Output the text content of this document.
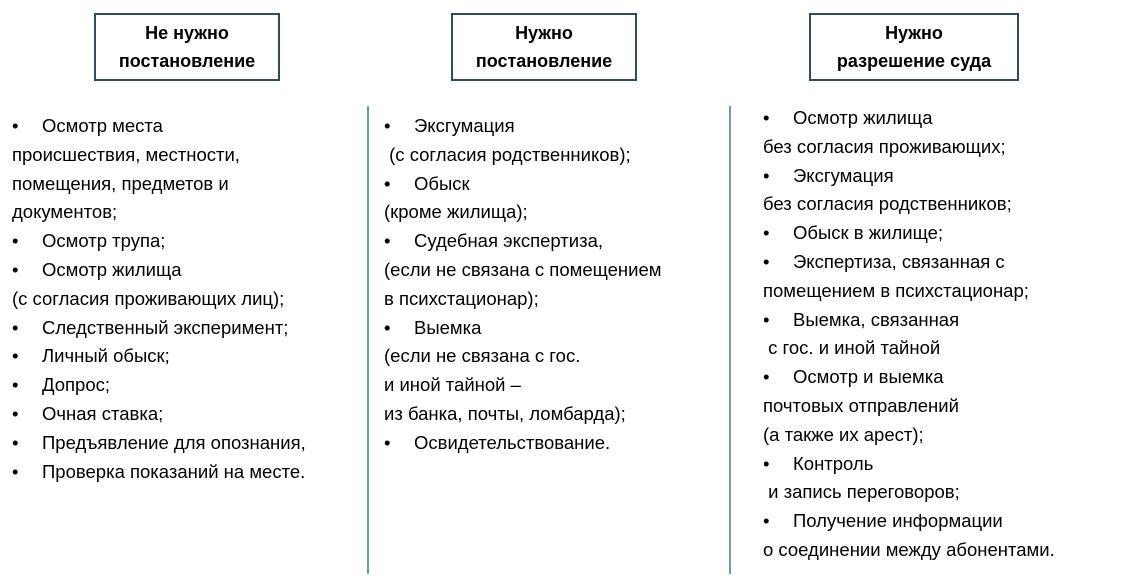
Не нужно
постановление
Нужно
постановление
Нужно
разрешение суда
• Осмотр места
происшествия, местности,
помещения, предметов и
документов;
• Осмотр трупа;
• Осмотр жилища
(с согласия проживающих лиц);
• Следственный эксперимент;
• Личный обыск;
• Допрос;
• Очная ставка;
• Предъявление для опознания,
• Проверка показаний на месте.
• Эксгумация
(с согласия родственников);
• Обыск
(кроме жилища);
• Судебная экспертиза,
(если не связана с помещением
в психстационар);
• Выемка
(если не связана с гос.
и иной тайной –
из банка, почты, ломбарда);
• Освидетельствование.
• Осмотр жилища
без согласия проживающих;
• Эксгумация
без согласия родственников;
• Обыск в жилище;
• Экспертиза, связанная с
помещением в психстационар;
• Выемка, связанная
с гос. и иной тайной
• Осмотр и выемка
почтовых отправлений
(а также их арест);
• Контроль
и запись переговоров;
• Получение информации
о соединении между абонентами.
